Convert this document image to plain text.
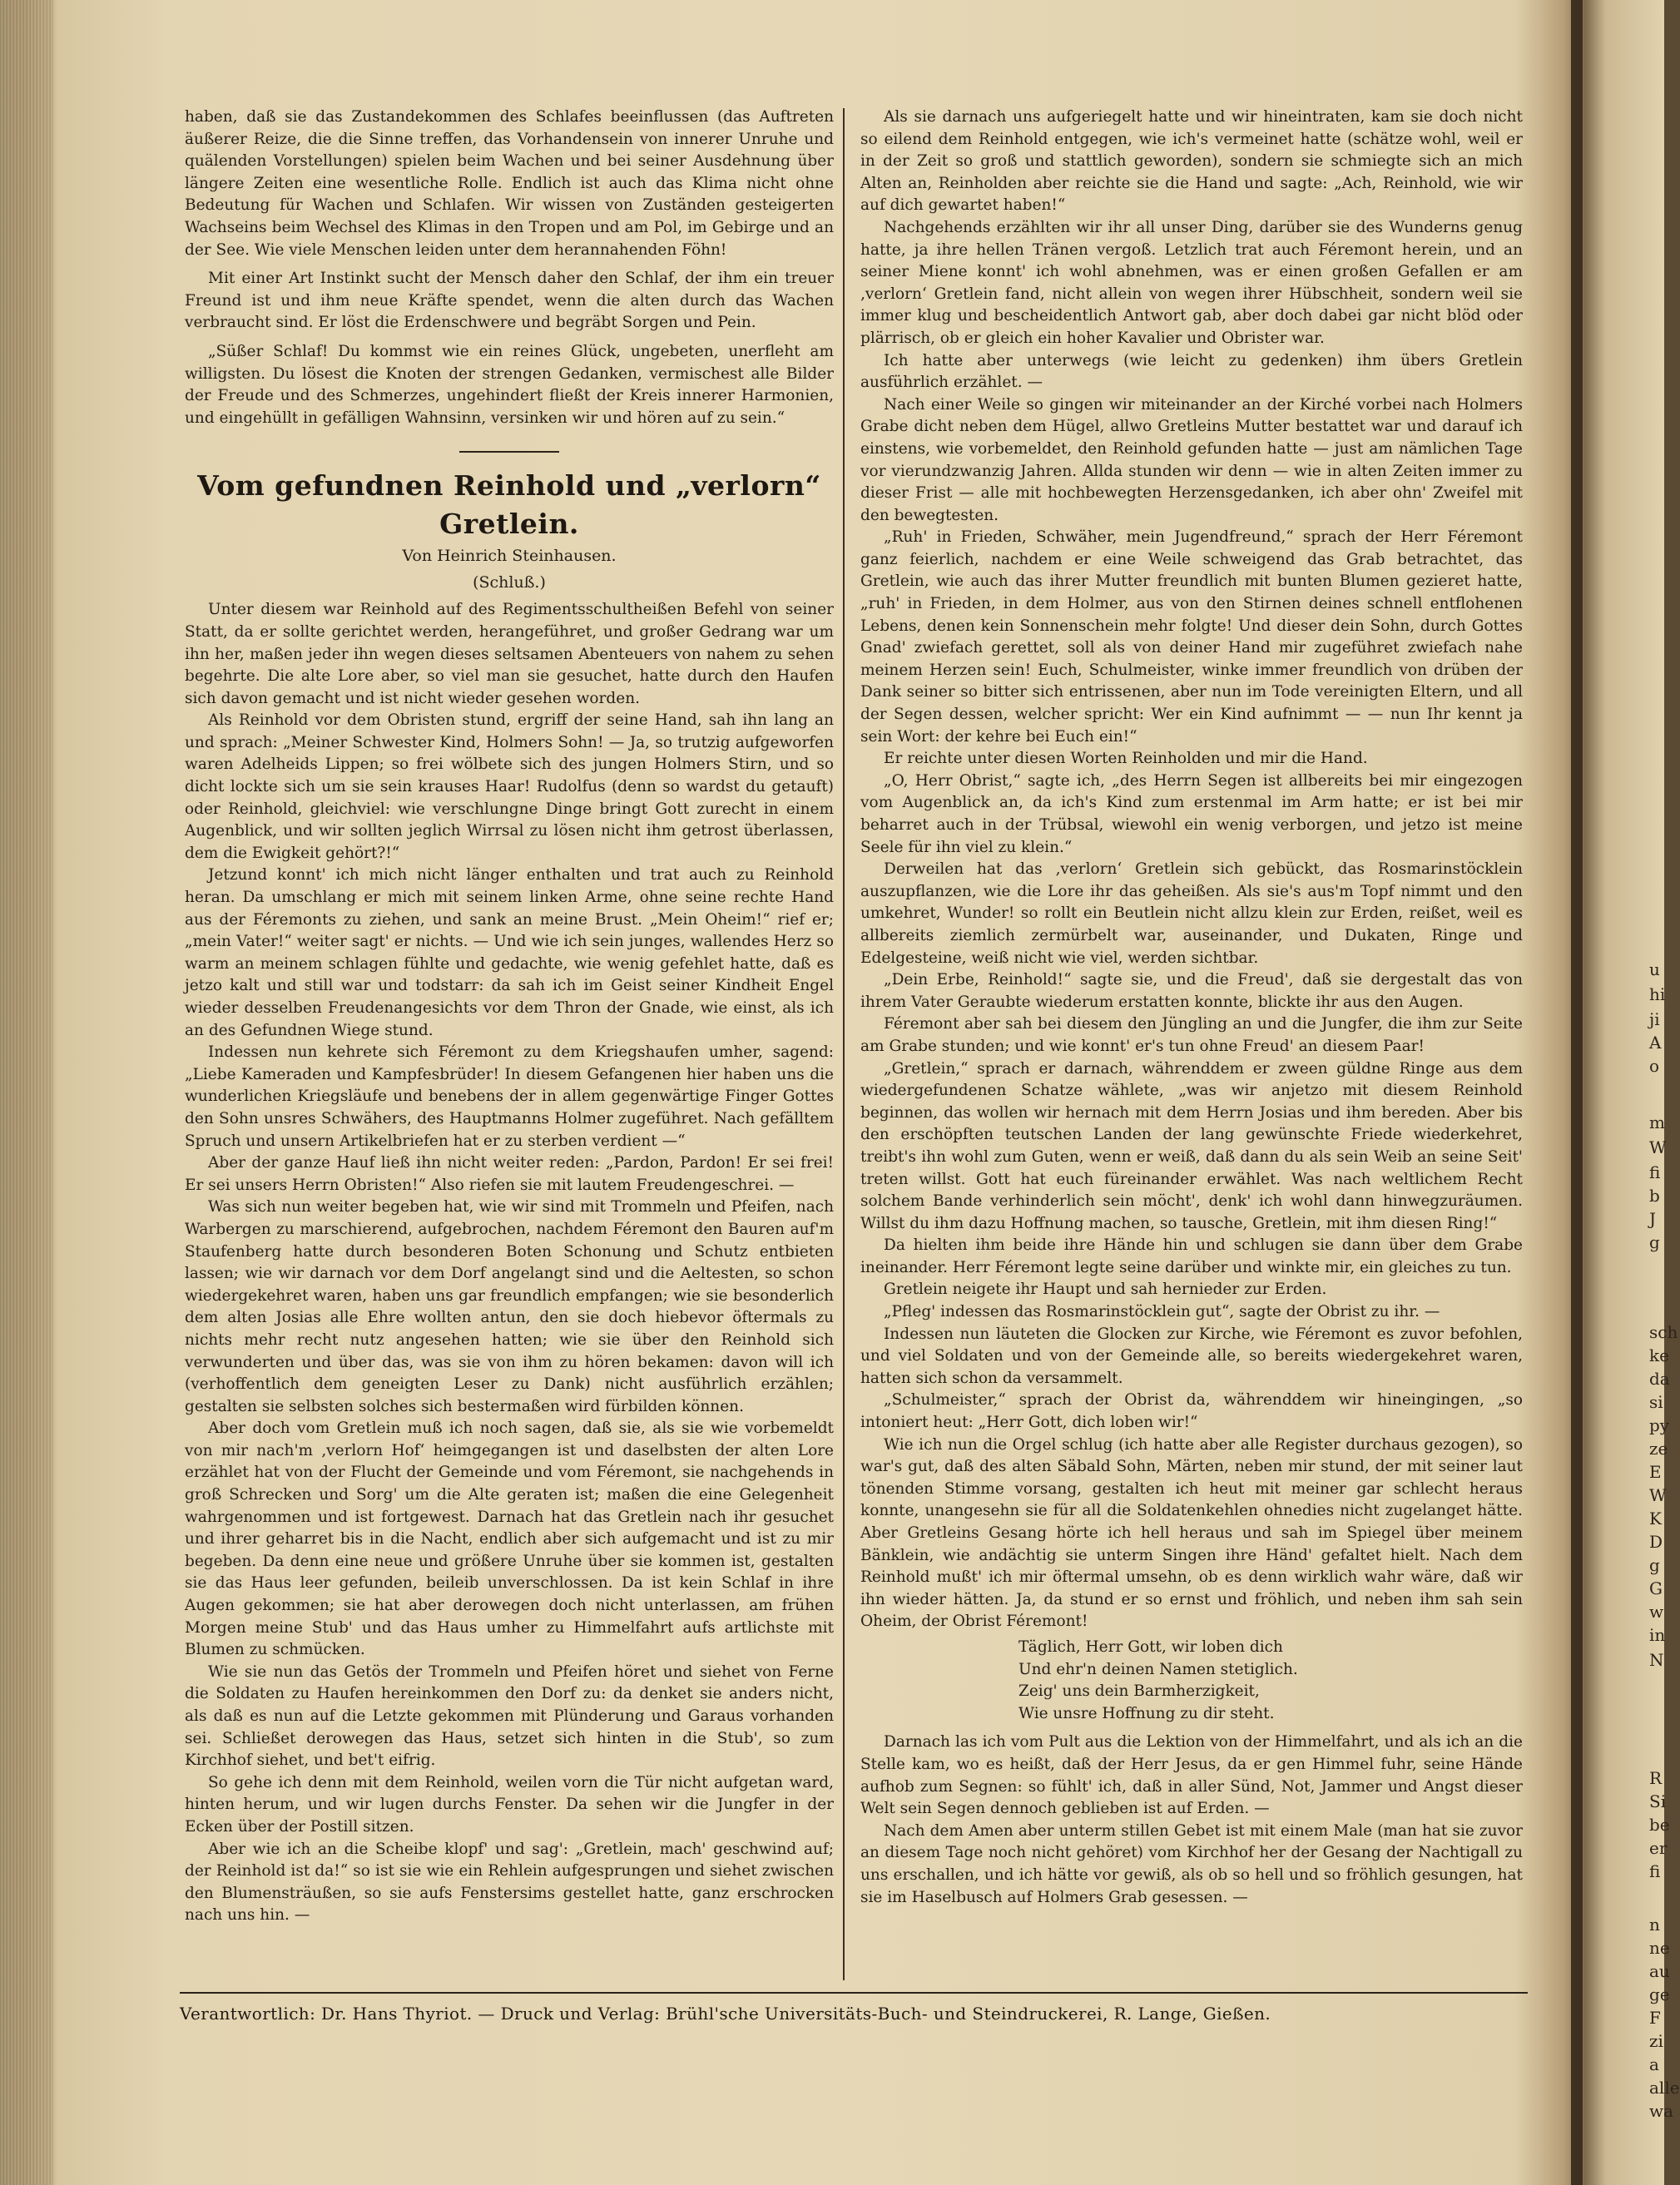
haben, daß sie das Zustandekommen des Schlafes beeinflussen (das Auftreten äußerer Reize, die die Sinne treffen, das Vorhandensein von innerer Unruhe und quälenden Vorstellungen) spielen beim Wachen und bei seiner Ausdehnung über längere Zeiten eine wesentliche Rolle. Endlich ist auch das Klima nicht ohne Bedeutung für Wachen und Schlafen. Wir wissen von Zuständen gesteigerten Wachseins beim Wechsel des Klimas in den Tropen und am Pol, im Gebirge und an der See. Wie viele Menschen leiden unter dem herannahenden Föhn!

Mit einer Art Instinkt sucht der Mensch daher den Schlaf, der ihm ein treuer Freund ist und ihm neue Kräfte spendet, wenn die alten durch das Wachen verbraucht sind. Er löst die Erdenschwere und begräbt Sorgen und Pein.

„Süßer Schlaf! Du kommst wie ein reines Glück, ungebeten, unerfleht am willigsten. Du lösest die Knoten der strengen Gedanken, vermischest alle Bilder der Freude und des Schmerzes, ungehindert fließt der Kreis innerer Harmonien, und eingehüllt in gefälligen Wahnsinn, versinken wir und hören auf zu sein.“

Vom gefundnen Reinhold und „verlorn“
Gretlein.
Von Heinrich Steinhausen.
(Schluß.)

Unter diesem war Reinhold auf des Regimentsschultheißen Befehl von seiner Statt, da er sollte gerichtet werden, herangeführet, und großer Gedrang war um ihn her, maßen jeder ihn wegen dieses seltsamen Abenteuers von nahem zu sehen begehrte. Die alte Lore aber, so viel man sie gesuchet, hatte durch den Haufen sich davon gemacht und ist nicht wieder gesehen worden.

Als Reinhold vor dem Obristen stund, ergriff der seine Hand, sah ihn lang an und sprach: „Meiner Schwester Kind, Holmers Sohn! — Ja, so trutzig aufgeworfen waren Adelheids Lippen; so frei wölbete sich des jungen Holmers Stirn, und so dicht lockte sich um sie sein krauses Haar! Rudolfus (denn so wardst du getauft) oder Reinhold, gleichviel: wie verschlungne Dinge bringt Gott zurecht in einem Augenblick, und wir sollten jeglich Wirrsal zu lösen nicht ihm getrost überlassen, dem die Ewigkeit gehört?!“

Jetzund konnt' ich mich nicht länger enthalten und trat auch zu Reinhold heran. Da umschlang er mich mit seinem linken Arme, ohne seine rechte Hand aus der Féremonts zu ziehen, und sank an meine Brust. „Mein Oheim!“ rief er; „mein Vater!“ weiter sagt' er nichts. — Und wie ich sein junges, wallendes Herz so warm an meinem schlagen fühlte und gedachte, wie wenig gefehlet hatte, daß es jetzo kalt und still war und todstarr: da sah ich im Geist seiner Kindheit Engel wieder desselben Freudenangesichts vor dem Thron der Gnade, wie einst, als ich an des Gefundnen Wiege stund.

Indessen nun kehrete sich Féremont zu dem Kriegshaufen umher, sagend: „Liebe Kameraden und Kampfesbrüder! In diesem Gefangenen hier haben uns die wunderlichen Kriegsläufe und benebens der in allem gegenwärtige Finger Gottes den Sohn unsres Schwähers, des Hauptmanns Holmer zugeführet. Nach gefälltem Spruch und unsern Artikelbriefen hat er zu sterben verdient —“

Aber der ganze Hauf ließ ihn nicht weiter reden: „Pardon, Pardon! Er sei frei! Er sei unsers Herrn Obristen!“ Also riefen sie mit lautem Freudengeschrei. —

Was sich nun weiter begeben hat, wie wir sind mit Trommeln und Pfeifen, nach Warbergen zu marschierend, aufgebrochen, nachdem Féremont den Bauren auf'm Staufenberg hatte durch besonderen Boten Schonung und Schutz entbieten lassen; wie wir darnach vor dem Dorf angelangt sind und die Aeltesten, so schon wiedergekehret waren, haben uns gar freundlich empfangen; wie sie besonderlich dem alten Josias alle Ehre wollten antun, den sie doch hiebevor öftermals zu nichts mehr recht nutz angesehen hatten; wie sie über den Reinhold sich verwunderten und über das, was sie von ihm zu hören bekamen: davon will ich (verhoffentlich dem geneigten Leser zu Dank) nicht ausführlich erzählen; gestalten sie selbsten solches sich bestermaßen wird fürbilden können.

Aber doch vom Gretlein muß ich noch sagen, daß sie, als sie wie vorbemeldt von mir nach'm ‚verlorn Hof‘ heimgegangen ist und daselbsten der alten Lore erzählet hat von der Flucht der Gemeinde und vom Féremont, sie nachgehends in groß Schrecken und Sorg' um die Alte geraten ist; maßen die eine Gelegenheit wahrgenommen und ist fortgewest. Darnach hat das Gretlein nach ihr gesuchet und ihrer geharret bis in die Nacht, endlich aber sich aufgemacht und ist zu mir begeben. Da denn eine neue und größere Unruhe über sie kommen ist, gestalten sie das Haus leer gefunden, beileib unverschlossen. Da ist kein Schlaf in ihre Augen gekommen; sie hat aber derowegen doch nicht unterlassen, am frühen Morgen meine Stub' und das Haus umher zu Himmelfahrt aufs artlichste mit Blumen zu schmücken.

Wie sie nun das Getös der Trommeln und Pfeifen höret und siehet von Ferne die Soldaten zu Haufen hereinkommen den Dorf zu: da denket sie anders nicht, als daß es nun auf die Letzte gekommen mit Plünderung und Garaus vorhanden sei. Schließet derowegen das Haus, setzet sich hinten in die Stub', so zum Kirchhof siehet, und bet't eifrig.

So gehe ich denn mit dem Reinhold, weilen vorn die Tür nicht aufgetan ward, hinten herum, und wir lugen durchs Fenster. Da sehen wir die Jungfer in der Ecken über der Postill sitzen.

Aber wie ich an die Scheibe klopf' und sag': „Gretlein, mach' geschwind auf; der Reinhold ist da!“ so ist sie wie ein Rehlein aufgesprungen und siehet zwischen den Blumensträußen, so sie aufs Fenstersims gestellet hatte, ganz erschrocken nach uns hin. —

Als sie darnach uns aufgeriegelt hatte und wir hineintraten, kam sie doch nicht so eilend dem Reinhold entgegen, wie ich's vermeinet hatte (schätze wohl, weil er in der Zeit so groß und stattlich geworden), sondern sie schmiegte sich an mich Alten an, Reinholden aber reichte sie die Hand und sagte: „Ach, Reinhold, wie wir auf dich gewartet haben!“

Nachgehends erzählten wir ihr all unser Ding, darüber sie des Wunderns genug hatte, ja ihre hellen Tränen vergoß. Letzlich trat auch Féremont herein, und an seiner Miene konnt' ich wohl abnehmen, was er einen großen Gefallen er am ‚verlorn‘ Gretlein fand, nicht allein von wegen ihrer Hübschheit, sondern weil sie immer klug und bescheidentlich Antwort gab, aber doch dabei gar nicht blöd oder plärrisch, ob er gleich ein hoher Kavalier und Obrister war.

Ich hatte aber unterwegs (wie leicht zu gedenken) ihm übers Gretlein ausführlich erzählet. —

Nach einer Weile so gingen wir miteinander an der Kirché vorbei nach Holmers Grabe dicht neben dem Hügel, allwo Gretleins Mutter bestattet war und darauf ich einstens, wie vorbemeldet, den Reinhold gefunden hatte — just am nämlichen Tage vor vierundzwanzig Jahren. Allda stunden wir denn — wie in alten Zeiten immer zu dieser Frist — alle mit hochbewegten Herzensgedanken, ich aber ohn' Zweifel mit den bewegtesten.

„Ruh' in Frieden, Schwäher, mein Jugendfreund,“ sprach der Herr Féremont ganz feierlich, nachdem er eine Weile schweigend das Grab betrachtet, das Gretlein, wie auch das ihrer Mutter freundlich mit bunten Blumen gezieret hatte, „ruh' in Frieden, in dem Holmer, aus von den Stirnen deines schnell entflohenen Lebens, denen kein Sonnenschein mehr folgte! Und dieser dein Sohn, durch Gottes Gnad' zwiefach gerettet, soll als von deiner Hand mir zugeführet zwiefach nahe meinem Herzen sein! Euch, Schulmeister, winke immer freundlich von drüben der Dank seiner so bitter sich entrissenen, aber nun im Tode vereinigten Eltern, und all der Segen dessen, welcher spricht: Wer ein Kind aufnimmt — — nun Ihr kennt ja sein Wort: der kehre bei Euch ein!“

Er reichte unter diesen Worten Reinholden und mir die Hand.

„O, Herr Obrist,“ sagte ich, „des Herrn Segen ist allbereits bei mir eingezogen vom Augenblick an, da ich's Kind zum erstenmal im Arm hatte; er ist bei mir beharret auch in der Trübsal, wiewohl ein wenig verborgen, und jetzo ist meine Seele für ihn viel zu klein.“

Derweilen hat das ‚verlorn‘ Gretlein sich gebückt, das Rosmarinstöcklein auszupflanzen, wie die Lore ihr das geheißen. Als sie's aus'm Topf nimmt und den umkehret, Wunder! so rollt ein Beutlein nicht allzu klein zur Erden, reißet, weil es allbereits ziemlich zermürbelt war, auseinander, und Dukaten, Ringe und Edelgesteine, weiß nicht wie viel, werden sichtbar.

„Dein Erbe, Reinhold!“ sagte sie, und die Freud', daß sie dergestalt das von ihrem Vater Geraubte wiederum erstatten konnte, blickte ihr aus den Augen.

Féremont aber sah bei diesem den Jüngling an und die Jungfer, die ihm zur Seite am Grabe stunden; und wie konnt' er's tun ohne Freud' an diesem Paar!

„Gretlein,“ sprach er darnach, währenddem er zween güldne Ringe aus dem wiedergefundenen Schatze wählete, „was wir anjetzo mit diesem Reinhold beginnen, das wollen wir hernach mit dem Herrn Josias und ihm bereden. Aber bis den erschöpften teutschen Landen der lang gewünschte Friede wiederkehret, treibt's ihn wohl zum Guten, wenn er weiß, daß dann du als sein Weib an seine Seit' treten willst. Gott hat euch füreinander erwählet. Was nach weltlichem Recht solchem Bande verhinderlich sein möcht', denk' ich wohl dann hinwegzuräumen. Willst du ihm dazu Hoffnung machen, so tausche, Gretlein, mit ihm diesen Ring!“

Da hielten ihm beide ihre Hände hin und schlugen sie dann über dem Grabe ineinander. Herr Féremont legte seine darüber und winkte mir, ein gleiches zu tun.

Gretlein neigete ihr Haupt und sah hernieder zur Erden.

„Pfleg' indessen das Rosmarinstöcklein gut“, sagte der Obrist zu ihr. —

Indessen nun läuteten die Glocken zur Kirche, wie Féremont es zuvor befohlen, und viel Soldaten und von der Gemeinde alle, so bereits wiedergekehret waren, hatten sich schon da versammelt.

„Schulmeister,“ sprach der Obrist da, währenddem wir hineingingen, „so intoniert heut: „Herr Gott, dich loben wir!“

Wie ich nun die Orgel schlug (ich hatte aber alle Register durchaus gezogen), so war's gut, daß des alten Säbald Sohn, Märten, neben mir stund, der mit seiner laut tönenden Stimme vorsang, gestalten ich heut mit meiner gar schlecht heraus konnte, unangesehn sie für all die Soldatenkehlen ohnedies nicht zugelanget hätte. Aber Gretleins Gesang hörte ich hell heraus und sah im Spiegel über meinem Bänklein, wie andächtig sie unterm Singen ihre Händ' gefaltet hielt. Nach dem Reinhold mußt' ich mir öftermal umsehn, ob es denn wirklich wahr wäre, daß wir ihn wieder hätten. Ja, da stund er so ernst und fröhlich, und neben ihm sah sein Oheim, der Obrist Féremont!

Täglich, Herr Gott, wir loben dich
Und ehr'n deinen Namen stetiglich.
Zeig' uns dein Barmherzigkeit,
Wie unsre Hoffnung zu dir steht.

Darnach las ich vom Pult aus die Lektion von der Himmelfahrt, und als ich an die Stelle kam, wo es heißt, daß der Herr Jesus, da er gen Himmel fuhr, seine Hände aufhob zum Segnen: so fühlt' ich, daß in aller Sünd, Not, Jammer und Angst dieser Welt sein Segen dennoch geblieben ist auf Erden. —

Nach dem Amen aber unterm stillen Gebet ist mit einem Male (man hat sie zuvor an diesem Tage noch nicht gehöret) vom Kirchhof her der Gesang der Nachtigall zu uns erschallen, und ich hätte vor gewiß, als ob so hell und so fröhlich gesungen, hat sie im Haselbusch auf Holmers Grab gesessen. —

Verantwortlich: Dr. Hans Thyriot. — Druck und Verlag: Brühl'sche Universitäts-Buch- und Steindruckerei, R. Lange, Gießen.
u
hi
ji
A
o
m
W
fi
b
J
g
sch
ke
da
si
py
ze
E
W
K
D
g
G
w
in
N
R
Si
be
er
fi
n
ne
au
ge
F
zi
a
alle
wa
